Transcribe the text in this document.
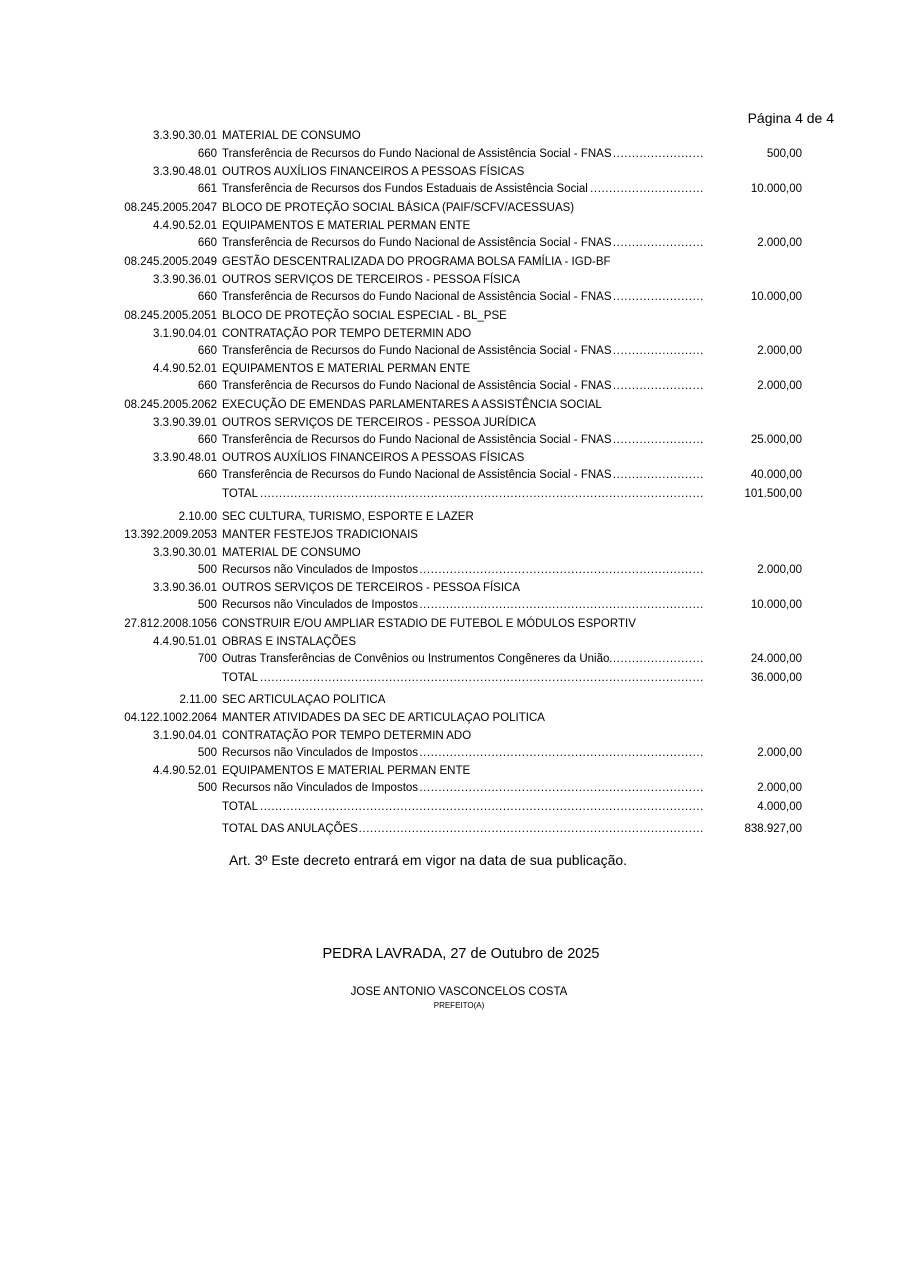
Página 4 de 4
3.3.90.30.01 MATERIAL DE CONSUMO
660 Transferência de Recursos do Fundo Nacional de Assistência Social - FNAS .....	500,00
3.3.90.48.01 OUTROS AUXÍLIOS FINANCEIROS A PESSOAS FÍSICAS
661 Transferência de Recursos dos Fundos Estaduais de Assistência Social .....	10.000,00
08.245.2005.2047 BLOCO DE PROTEÇÃO SOCIAL BÁSICA (PAIF/SCFV/ACESSUAS)
4.4.90.52.01 EQUIPAMENTOS E MATERIAL PERMAN ENTE
660 Transferência de Recursos do Fundo Nacional de Assistência Social - FNAS .....	2.000,00
08.245.2005.2049 GESTÃO DESCENTRALIZADA DO PROGRAMA BOLSA FAMÍLIA - IGD-BF
3.3.90.36.01 OUTROS SERVIÇOS DE TERCEIROS - PESSOA FÍSICA
660 Transferência de Recursos do Fundo Nacional de Assistência Social - FNAS .....	10.000,00
08.245.2005.2051 BLOCO DE PROTEÇÃO SOCIAL ESPECIAL - BL_PSE
3.1.90.04.01 CONTRATAÇÃO POR TEMPO DETERMIN ADO
660 Transferência de Recursos do Fundo Nacional de Assistência Social - FNAS .....	2.000,00
4.4.90.52.01 EQUIPAMENTOS E MATERIAL PERMAN ENTE
660 Transferência de Recursos do Fundo Nacional de Assistência Social - FNAS .....	2.000,00
08.245.2005.2062 EXECUÇÃO DE EMENDAS PARLAMENTARES A ASSISTÊNCIA SOCIAL
3.3.90.39.01 OUTROS SERVIÇOS DE TERCEIROS - PESSOA JURÍDICA
660 Transferência de Recursos do Fundo Nacional de Assistência Social - FNAS .....	25.000,00
3.3.90.48.01 OUTROS AUXÍLIOS FINANCEIROS A PESSOAS FÍSICAS
660 Transferência de Recursos do Fundo Nacional de Assistência Social - FNAS .....	40.000,00
TOTAL .....	101.500,00
2.10.00 SEC CULTURA, TURISMO, ESPORTE E LAZER
13.392.2009.2053 MANTER FESTEJOS TRADICIONAIS
3.3.90.30.01 MATERIAL DE CONSUMO
500 Recursos não Vinculados de Impostos .....	2.000,00
3.3.90.36.01 OUTROS SERVIÇOS DE TERCEIROS - PESSOA FÍSICA
500 Recursos não Vinculados de Impostos .....	10.000,00
27.812.2008.1056 CONSTRUIR E/OU AMPLIAR ESTADIO DE FUTEBOL E MÓDULOS ESPORTIV
4.4.90.51.01 OBRAS E INSTALAÇÕES
700 Outras Transferências de Convênios ou Instrumentos Congêneres da União .....	24.000,00
TOTAL .....	36.000,00
2.11.00 SEC ARTICULAÇAO POLITICA
04.122.1002.2064 MANTER ATIVIDADES DA SEC DE ARTICULAÇAO POLITICA
3.1.90.04.01 CONTRATAÇÃO POR TEMPO DETERMIN ADO
500 Recursos não Vinculados de Impostos .....	2.000,00
4.4.90.52.01 EQUIPAMENTOS E MATERIAL PERMAN ENTE
500 Recursos não Vinculados de Impostos .....	2.000,00
TOTAL .....	4.000,00
TOTAL DAS ANULAÇÕES .....	838.927,00
Art. 3º Este decreto entrará em vigor na data de sua publicação.
PEDRA LAVRADA, 27 de Outubro de 2025
JOSE ANTONIO VASCONCELOS COSTA
PREFEITO(A)
